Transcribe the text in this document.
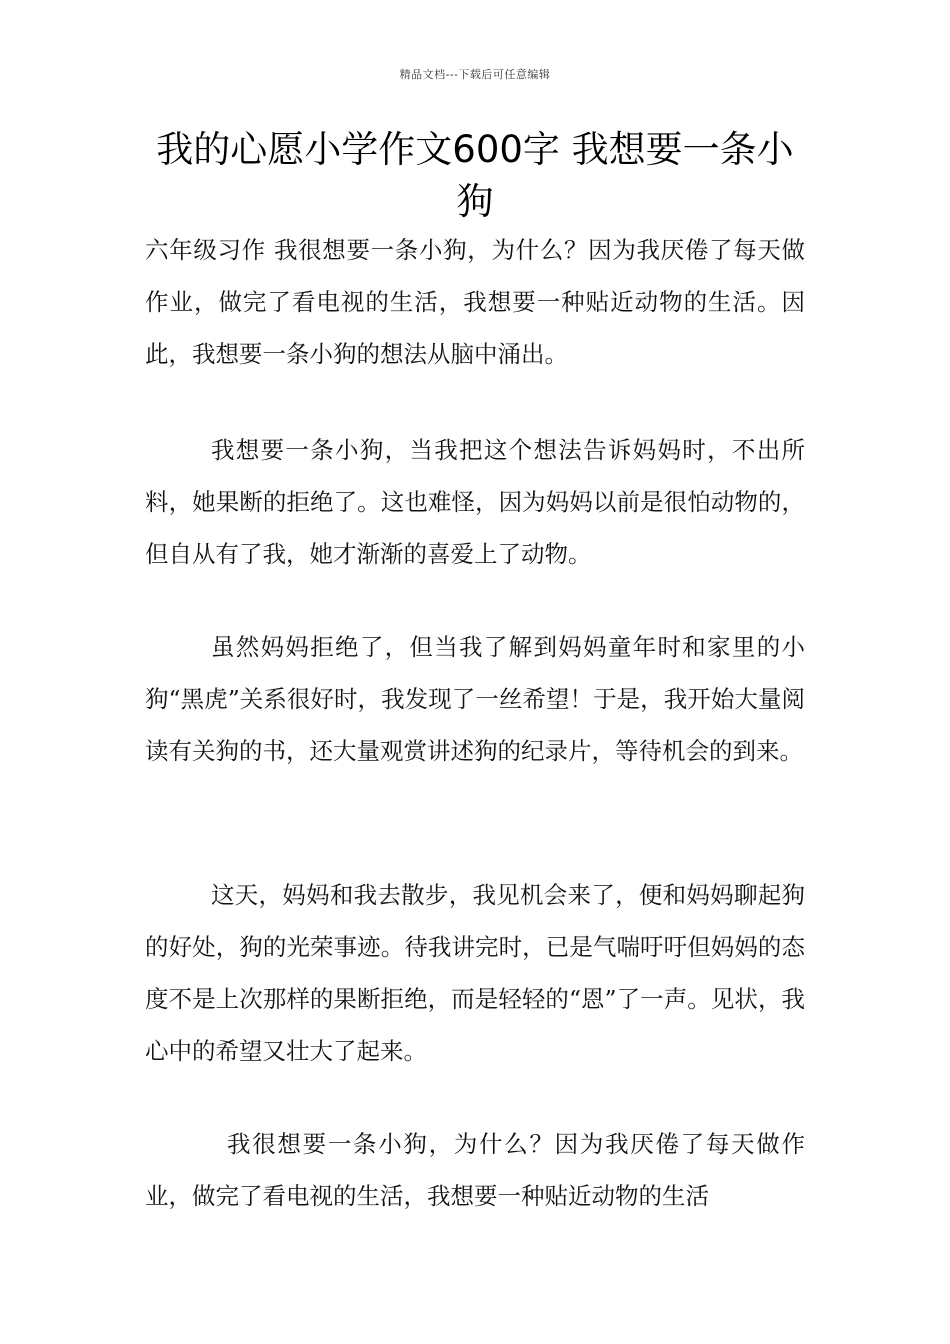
精品文档---下载后可任意编辑
我的心愿小学作文600字 我想要一条小狗

六年级习作 我很想要一条小狗，为什么？因为我厌倦了每天做作业，做完了看电视的生活，我想要一种贴近动物的生活。因此，我想要一条小狗的想法从脑中涌出。

我想要一条小狗，当我把这个想法告诉妈妈时，不出所料，她果断的拒绝了。这也难怪，因为妈妈以前是很怕动物的，但自从有了我，她才渐渐的喜爱上了动物。

虽然妈妈拒绝了，但当我了解到妈妈童年时和家里的小狗“黑虎”关系很好时，我发现了一丝希望！于是，我开始大量阅读有关狗的书，还大量观赏讲述狗的纪录片，等待机会的到来。

这天，妈妈和我去散步，我见机会来了，便和妈妈聊起狗的好处，狗的光荣事迹。待我讲完时，已是气喘吁吁但妈妈的态度不是上次那样的果断拒绝，而是轻轻的“恩”了一声。见状，我心中的希望又壮大了起来。

我很想要一条小狗，为什么？因为我厌倦了每天做作业，做完了看电视的生活，我想要一种贴近动物的生活
